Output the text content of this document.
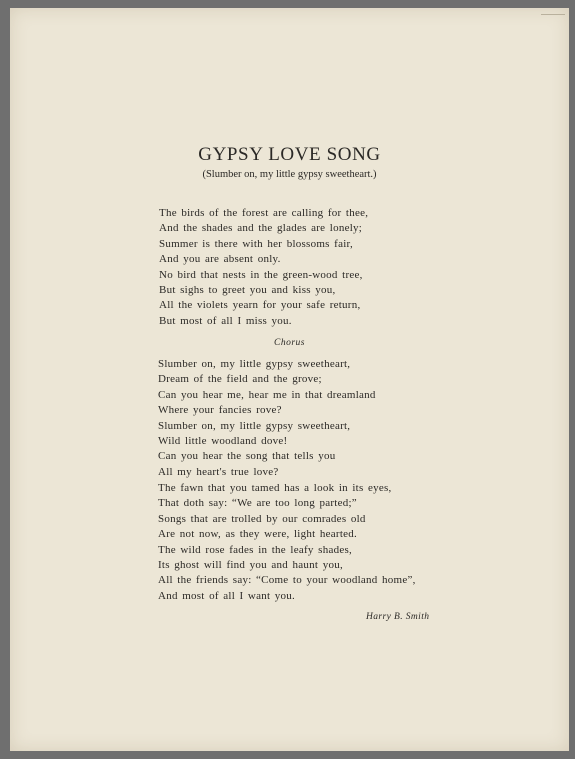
GYPSY LOVE SONG
(Slumber on, my little gypsy sweetheart.)
The birds of the forest are calling for thee,
And the shades and the glades are lonely;
Summer is there with her blossoms fair,
And you are absent only.
No bird that nests in the green-wood tree,
But sighs to greet you and kiss you,
All the violets yearn for your safe return,
But most of all I miss you.
Chorus
Slumber on, my little gypsy sweetheart,
Dream of the field and the grove;
Can you hear me, hear me in that dreamland
Where your fancies rove?
Slumber on, my little gypsy sweetheart,
Wild little woodland dove!
Can you hear the song that tells you
All my heart's true love?
The fawn that you tamed has a look in its eyes,
That doth say: “We are too long parted;”
Songs that are trolled by our comrades old
Are not now, as they were, light hearted.
The wild rose fades in the leafy shades,
Its ghost will find you and haunt you,
All the friends say: “Come to your woodland home”,
And most of all I want you.
Harry B. Smith
